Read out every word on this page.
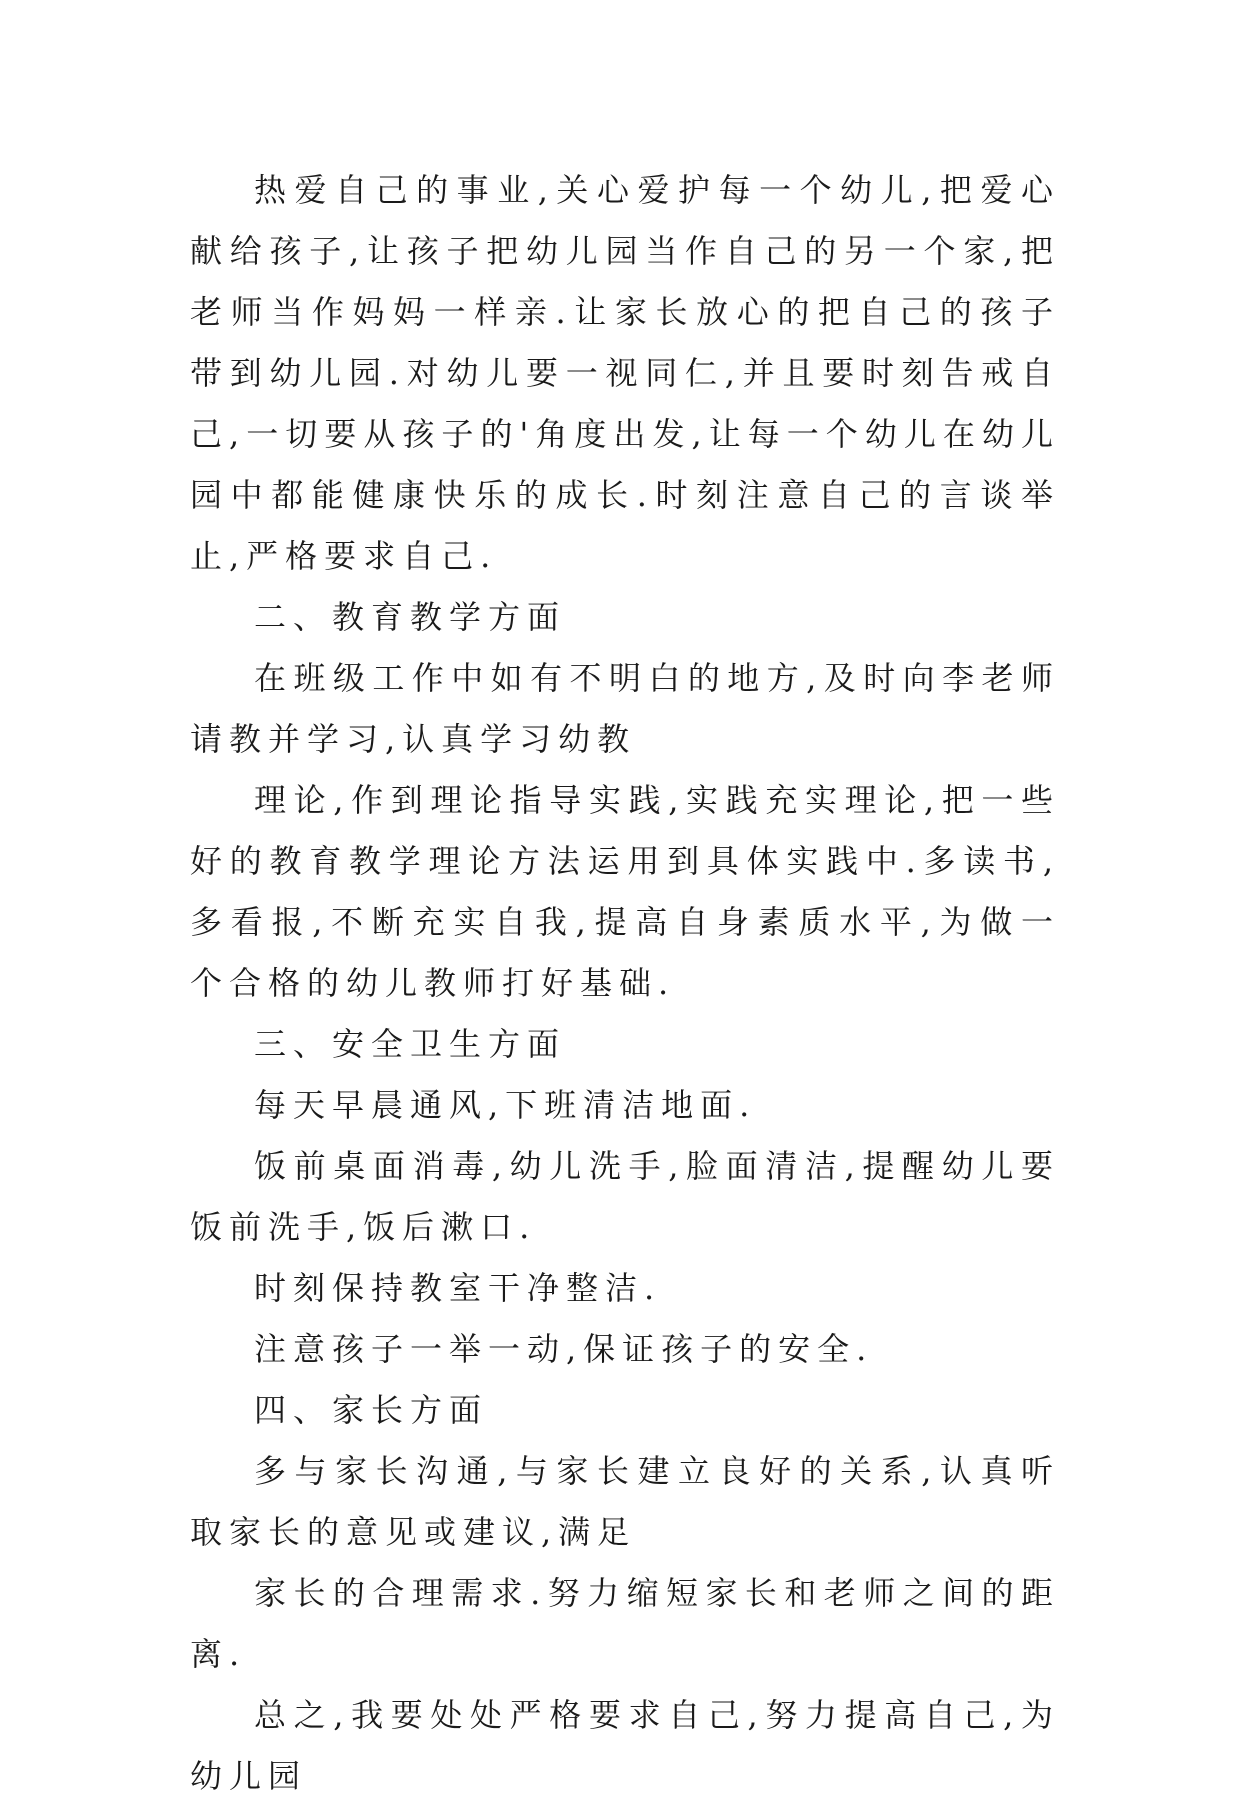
热爱自己的事业,关心爱护每一个幼儿,把爱心献给孩子,让孩子把幼儿园当作自己的另一个家,把老师当作妈妈一样亲.让家长放心的把自己的孩子带到幼儿园.对幼儿要一视同仁,并且要时刻告戒自己,一切要从孩子的'角度出发,让每一个幼儿在幼儿园中都能健康快乐的成长.时刻注意自己的言谈举止,严格要求自己.

二、教育教学方面

在班级工作中如有不明白的地方,及时向李老师请教并学习,认真学习幼教

理论,作到理论指导实践,实践充实理论,把一些好的教育教学理论方法运用到具体实践中.多读书,多看报,不断充实自我,提高自身素质水平,为做一个合格的幼儿教师打好基础.

三、安全卫生方面

每天早晨通风,下班清洁地面.

饭前桌面消毒,幼儿洗手,脸面清洁,提醒幼儿要饭前洗手,饭后漱口.

时刻保持教室干净整洁.

注意孩子一举一动,保证孩子的安全.

四、家长方面

多与家长沟通,与家长建立良好的关系,认真听取家长的意见或建议,满足

家长的合理需求.努力缩短家长和老师之间的距离.

总之,我要处处严格要求自己,努力提高自己,为幼儿园
